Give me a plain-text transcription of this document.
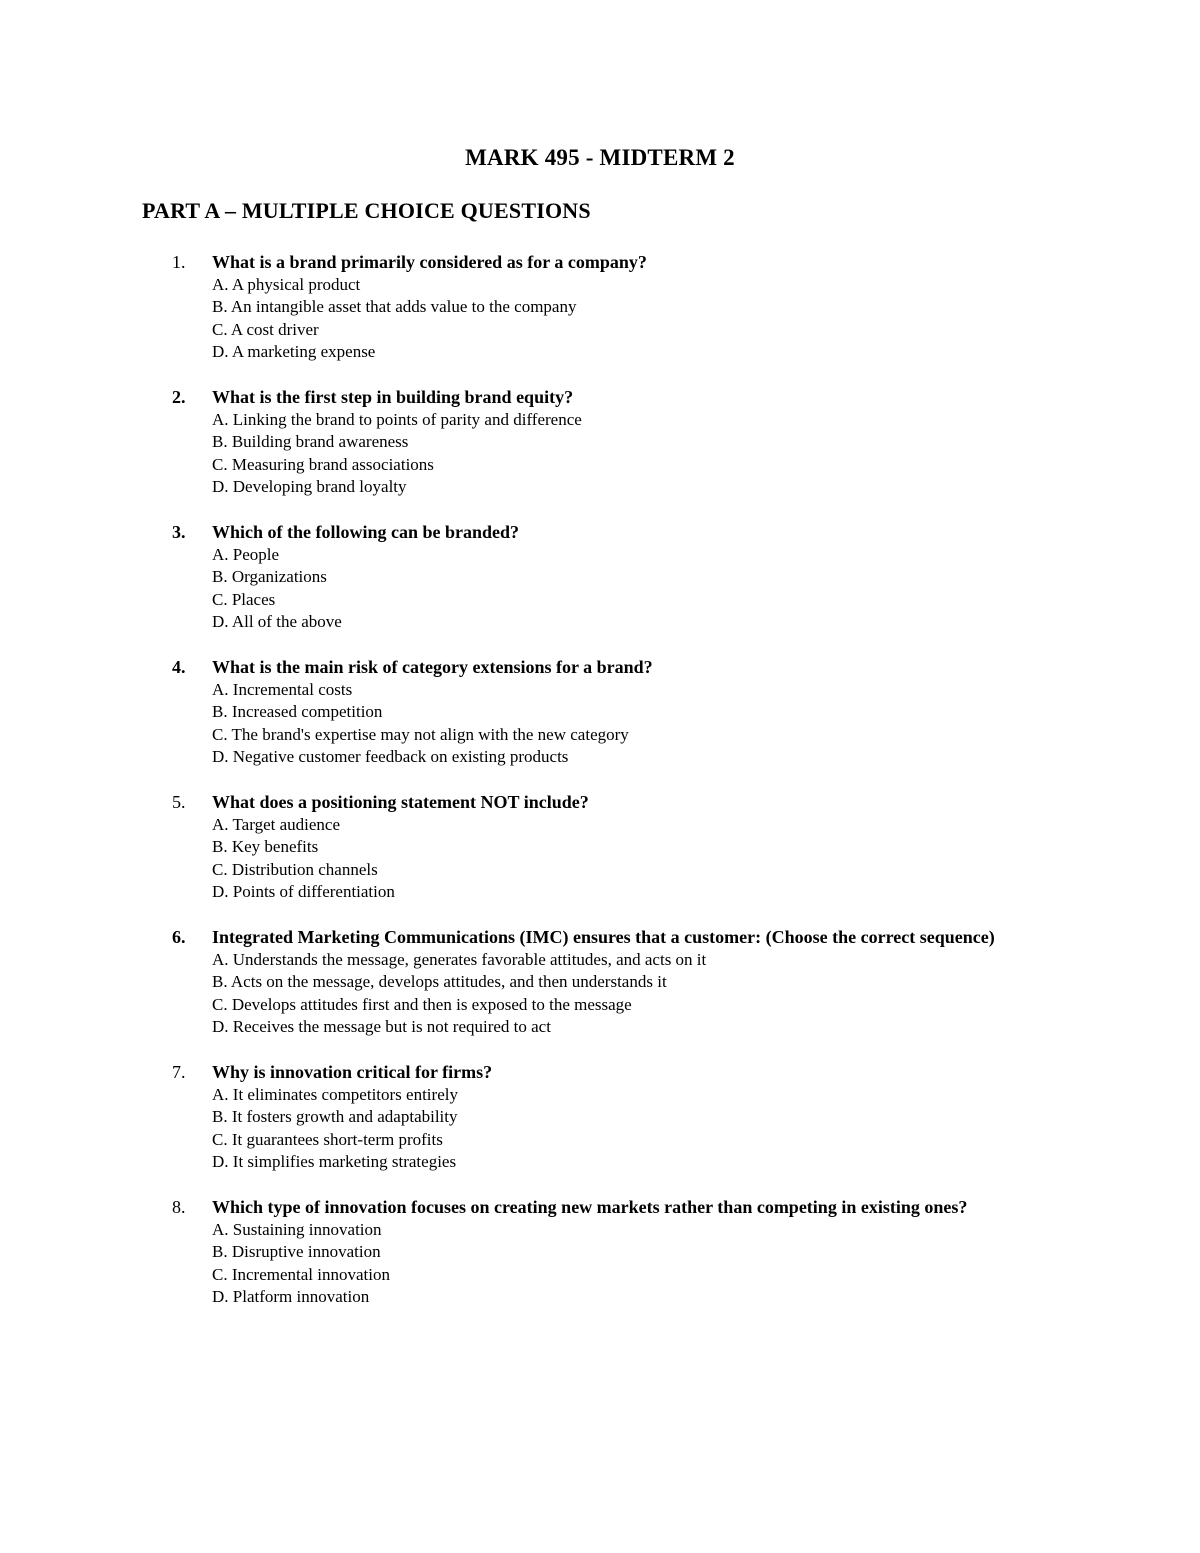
MARK 495 - MIDTERM 2
PART A – MULTIPLE CHOICE QUESTIONS
1. What is a brand primarily considered as for a company?
A. A physical product
B. An intangible asset that adds value to the company
C. A cost driver
D. A marketing expense
2. What is the first step in building brand equity?
A. Linking the brand to points of parity and difference
B. Building brand awareness
C. Measuring brand associations
D. Developing brand loyalty
3. Which of the following can be branded?
A. People
B. Organizations
C. Places
D. All of the above
4. What is the main risk of category extensions for a brand?
A. Incremental costs
B. Increased competition
C. The brand's expertise may not align with the new category
D. Negative customer feedback on existing products
5. What does a positioning statement NOT include?
A. Target audience
B. Key benefits
C. Distribution channels
D. Points of differentiation
6. Integrated Marketing Communications (IMC) ensures that a customer: (Choose the correct sequence)
A. Understands the message, generates favorable attitudes, and acts on it
B. Acts on the message, develops attitudes, and then understands it
C. Develops attitudes first and then is exposed to the message
D. Receives the message but is not required to act
7. Why is innovation critical for firms?
A. It eliminates competitors entirely
B. It fosters growth and adaptability
C. It guarantees short-term profits
D. It simplifies marketing strategies
8. Which type of innovation focuses on creating new markets rather than competing in existing ones?
A. Sustaining innovation
B. Disruptive innovation
C. Incremental innovation
D. Platform innovation
